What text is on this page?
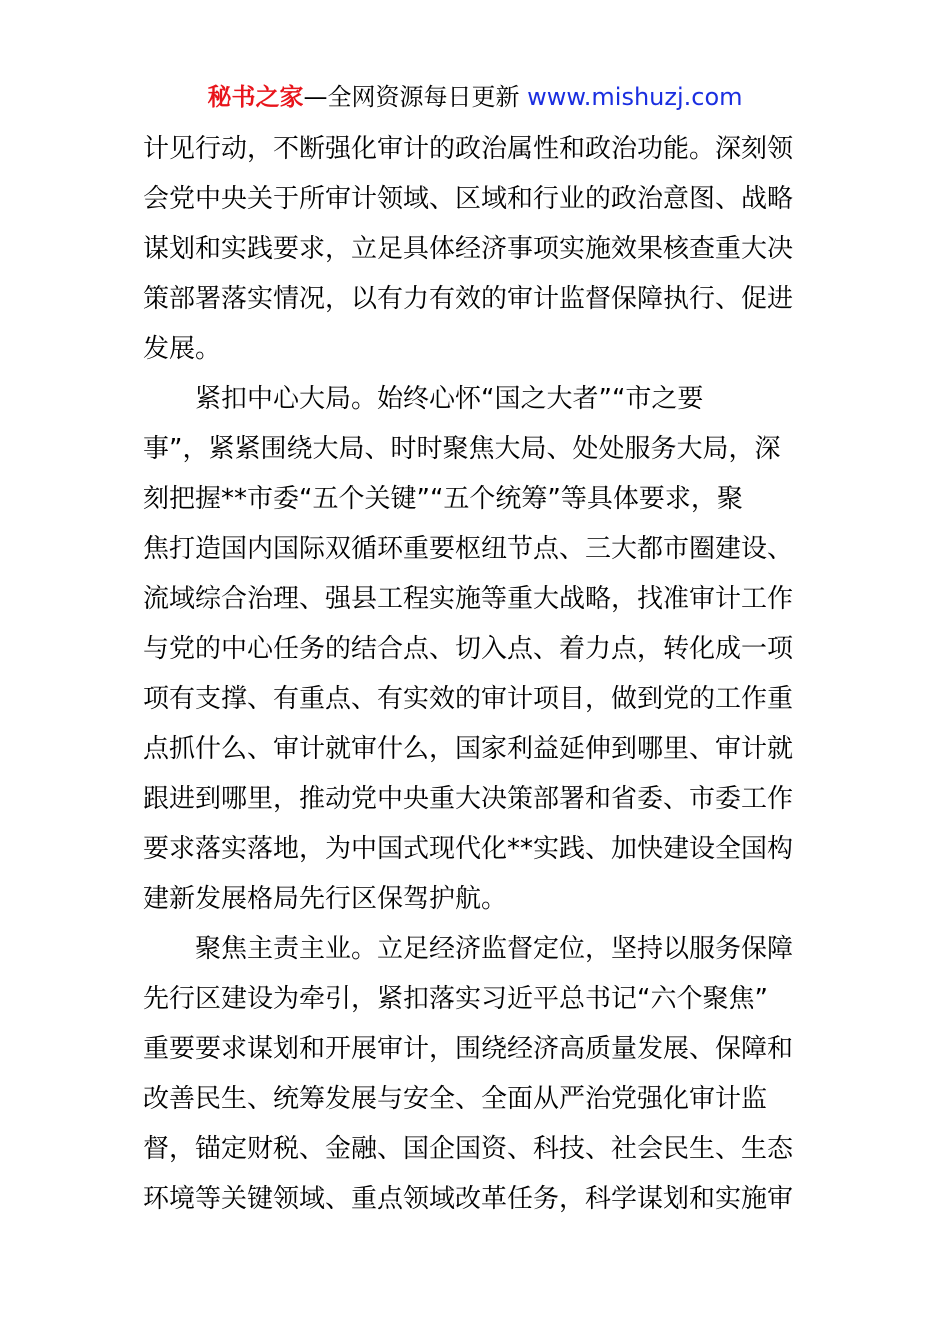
秘书之家—全网资源每日更新 www.mishuzj.com
计见行动，不断强化审计的政治属性和政治功能。深刻领
会党中央关于所审计领域、区域和行业的政治意图、战略
谋划和实践要求，立足具体经济事项实施效果核查重大决
策部署落实情况，以有力有效的审计监督保障执行、促进
发展。
紧扣中心大局。始终心怀“国之大者”“市之要
事”，紧紧围绕大局、时时聚焦大局、处处服务大局，深
刻把握**市委“五个关键”“五个统筹”等具体要求，聚
焦打造国内国际双循环重要枢纽节点、三大都市圈建设、
流域综合治理、强县工程实施等重大战略，找准审计工作
与党的中心任务的结合点、切入点、着力点，转化成一项
项有支撑、有重点、有实效的审计项目，做到党的工作重
点抓什么、审计就审什么，国家利益延伸到哪里、审计就
跟进到哪里，推动党中央重大决策部署和省委、市委工作
要求落实落地，为中国式现代化**实践、加快建设全国构
建新发展格局先行区保驾护航。
聚焦主责主业。立足经济监督定位，坚持以服务保障
先行区建设为牵引，紧扣落实习近平总书记“六个聚焦”
重要要求谋划和开展审计，围绕经济高质量发展、保障和
改善民生、统筹发展与安全、全面从严治党强化审计监
督，锚定财税、金融、国企国资、科技、社会民生、生态
环境等关键领域、重点领域改革任务，科学谋划和实施审
